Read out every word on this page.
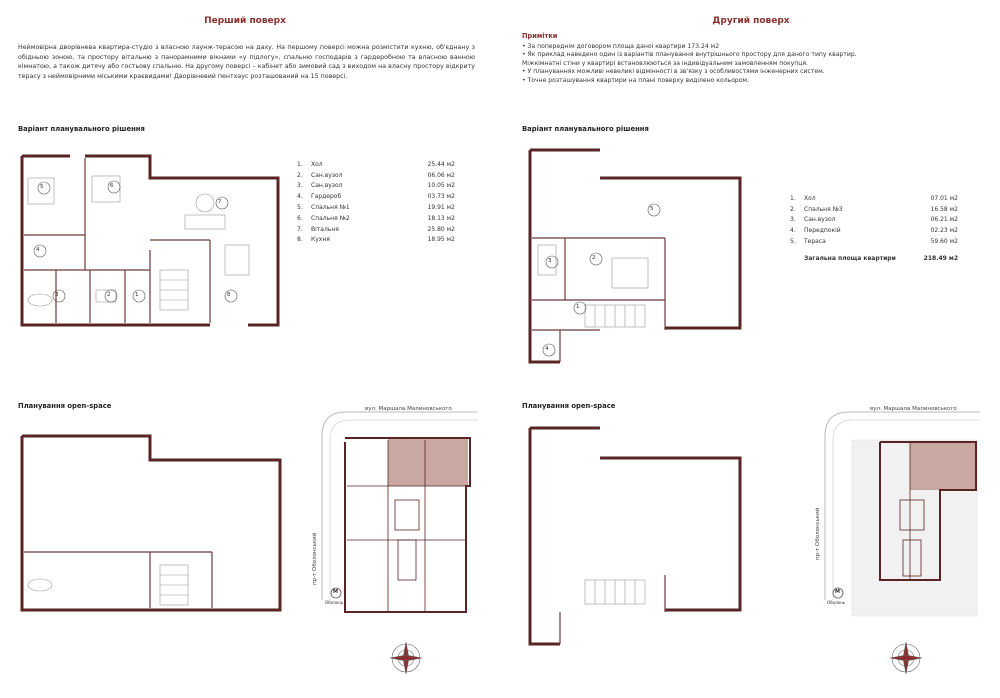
Перший поверх
Неймовірна дворівнева квартира-студіо з власною лаунж-терасою на даху. На першому поверсі можна розмістити кухню, об'єднану з обідньою зоною, та простору вітальню з панорамними вікнами «у підлогу», спальню господарів з гардеробною та власною ванною кімнатою, а також дитячу або гостьову спальню. На другому поверсі – кабінет або зимовий сад з виходом на власну простору відкриту терасу з неймовірними міськими краєвидами! Дворівневий пентхаус розташований на 15 поверсі.
Варіант планувального рішення
5	6
7
4
3	2	1	8
1.	Хол	25.44 м2
2.	Сан.вузол	06.06 м2
3.	Сан.вузол	10.05 м2
4.	Гардероб	03.73 м2
5.	Спальня №1	19.91 м2
6.	Спальня №2	18.13 м2
7.	Вітальня	25.80 м2
8.	Кухня	18.95 м2
Планування open-space	вул. Маршала Малиновського
пр-т Оболонський
M
Оболонь
Другий поверх
Примітки
• За попереднім договором площа даної квартири 173.24 м2
• Як приклад наведено один із варіантів планування внутрішнього простору для даного типу квартир.
Міжкімнатні стіни у квартирі встановлюються за індивідуальним замовленням покупця.
• У плануваннях можливі невеликі відмінності в зв'язку з особливостями інженерних систем.
• Точне розташування квартири на плані поверху виділено кольором.
Варіант планувального рішення
5
3	2
1
4
1.	Хол	07.01 м2
2.	Спальня №3	16.58 м2
3.	Сан.вузол	06.21 м2
4.	Передпокій	02.23 м2
5.	Тераса	59.60 м2
	Загальна площа квартири	218.49 м2
Планування open-space	вул. Маршала Малиновського
пр-т Оболонський
M
Оболонь
